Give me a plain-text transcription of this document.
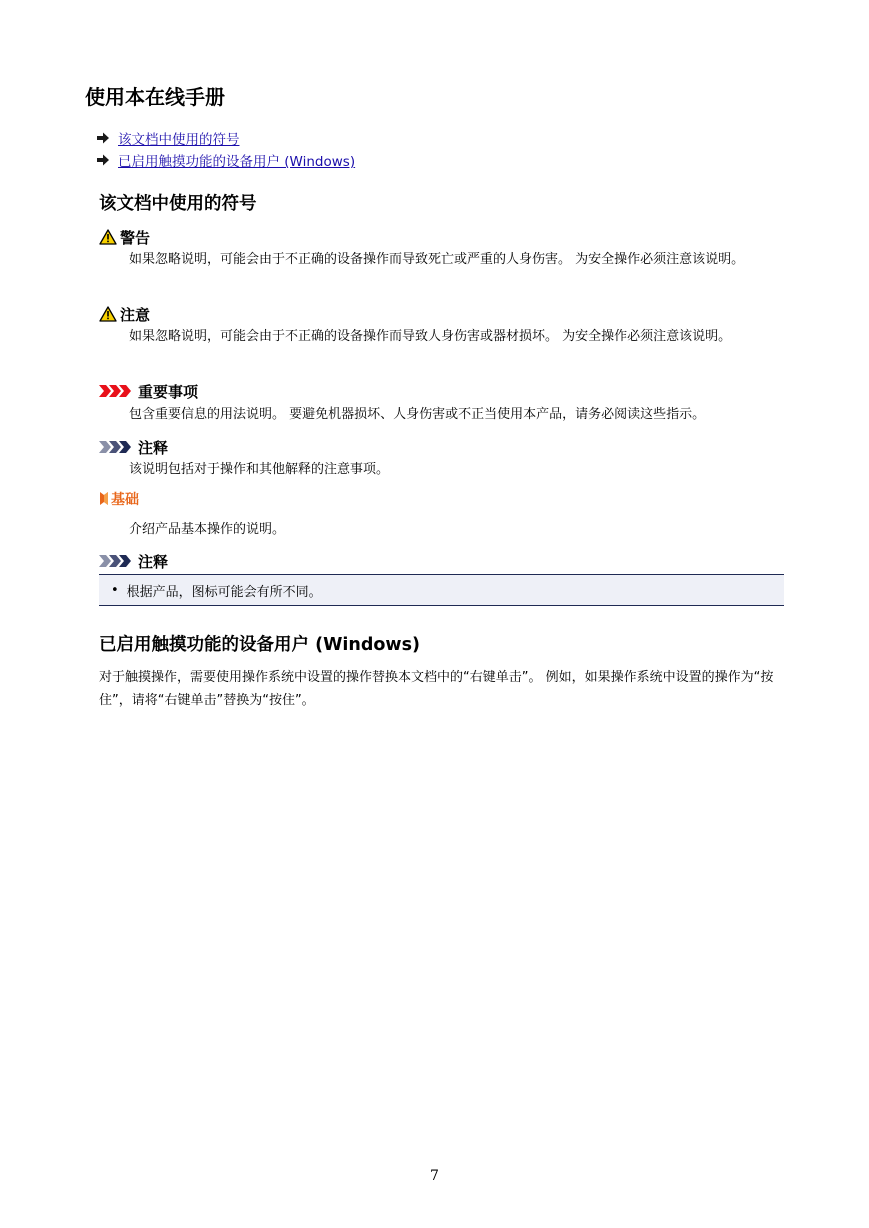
使用本在线手册
该文档中使用的符号
已启用触摸功能的设备用户 (Windows)
该文档中使用的符号
警告
如果忽略说明，可能会由于不正确的设备操作而导致死亡或严重的人身伤害。 为安全操作必须注意该说明。
注意
如果忽略说明，可能会由于不正确的设备操作而导致人身伤害或器材损坏。 为安全操作必须注意该说明。
重要事项
包含重要信息的用法说明。 要避免机器损坏、人身伤害或不正当使用本产品，请务必阅读这些指示。
注释
该说明包括对于操作和其他解释的注意事项。
基础
介绍产品基本操作的说明。
注释
• 根据产品，图标可能会有所不同。
已启用触摸功能的设备用户 (Windows)
对于触摸操作，需要使用操作系统中设置的操作替换本文档中的“右键单击”。 例如，如果操作系统中设置的操作为“按住”，请将“右键单击”替换为“按住”。
7
